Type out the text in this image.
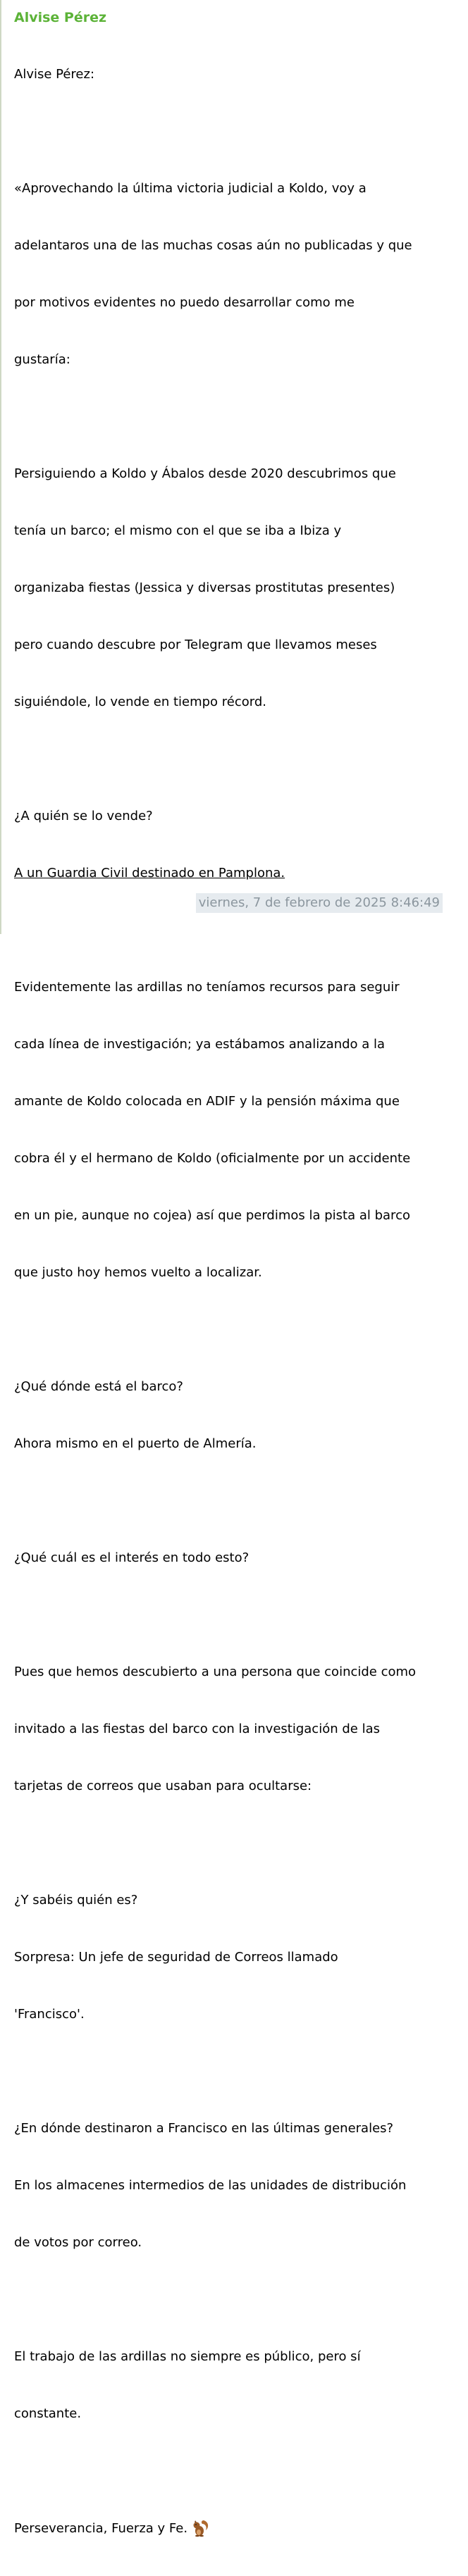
Alvise Pérez

Alvise Pérez:

«Aprovechando la última victoria judicial a Koldo, voy a

adelantaros una de las muchas cosas aún no publicadas y que

por motivos evidentes no puedo desarrollar como me

gustaría:

Persiguiendo a Koldo y Ábalos desde 2020 descubrimos que

tenía un barco; el mismo con el que se iba a Ibiza y

organizaba fiestas (Jessica y diversas prostitutas presentes)

pero cuando descubre por Telegram que llevamos meses

siguiéndole, lo vende en tiempo récord.

¿A quién se lo vende?

A un Guardia Civil destinado en Pamplona.

Evidentemente las ardillas no teníamos recursos para seguir

cada línea de investigación; ya estábamos analizando a la

amante de Koldo colocada en ADIF y la pensión máxima que

cobra él y el hermano de Koldo (oficialmente por un accidente

en un pie, aunque no cojea) así que perdimos la pista al barco

que justo hoy hemos vuelto a localizar.

¿Qué dónde está el barco?

Ahora mismo en el puerto de Almería.

¿Qué cuál es el interés en todo esto?

Pues que hemos descubierto a una persona que coincide como

invitado a las fiestas del barco con la investigación de las

tarjetas de correos que usaban para ocultarse:

¿Y sabéis quién es?

Sorpresa: Un jefe de seguridad de Correos llamado

'Francisco'.

¿En dónde destinaron a Francisco en las últimas generales?

En los almacenes intermedios de las unidades de distribución

de votos por correo.

El trabajo de las ardillas no siempre es público, pero sí

constante.

Perseverancia, Fuerza y Fe.

viernes, 7 de febrero de 2025 8:46:49
